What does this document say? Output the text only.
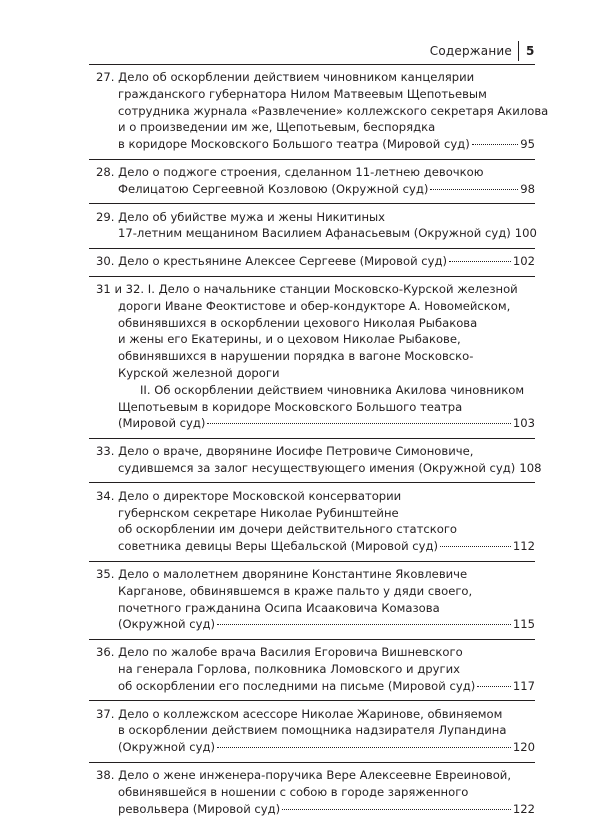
Содержание 5
27. Дело об оскорблении действием чиновником канцелярии
гражданского губернатора Нилом Матвеевым Щепотьевым
сотрудника журнала «Развлечение» коллежского секретаря Акилова
и о произведении им же, Щепотьевым, беспорядка
в коридоре Московского Большого театра (Мировой суд)	95
28. Дело о поджоге строения, сделанном 11-летнею девочкою
Фелицатою Сергеевной Козловою (Окружной суд)	98
29. Дело об убийстве мужа и жены Никитиных
17-летним мещанином Василием Афанасьевым (Окружной суд) 100
30. Дело о крестьянине Алексее Сергееве (Мировой суд)	102
31 и 32. I. Дело о начальнике станции Московско-Курской железной
дороги Иване Феоктистове и обер-кондукторе А. Новомейском,
обвинявшихся в оскорблении цехового Николая Рыбакова
и жены его Екатерины, и о цеховом Николае Рыбакове,
обвинявшихся в нарушении порядка в вагоне Московско-
Курской железной дороги
II. Об оскорблении действием чиновника Акилова чиновником
Щепотьевым в коридоре Московского Большого театра
(Мировой суд)	103
33. Дело о враче, дворянине Иосифе Петровиче Симоновиче,
судившемся за залог несуществующего имения (Окружной суд) 108
34. Дело о директоре Московской консерватории
губернском секретаре Николае Рубинштейне
об оскорблении им дочери действительного статского
советника девицы Веры Щебальской (Мировой суд)	112
35. Дело о малолетнем дворянине Константине Яковлевиче
Карганове, обвинявшемся в краже пальто у дяди своего,
почетного гражданина Осипа Исааковича Комазова
(Окружной суд)	115
36. Дело по жалобе врача Василия Егоровича Вишневского
на генерала Горлова, полковника Ломовского и других
об оскорблении его последними на письме (Мировой суд)	117
37. Дело о коллежском асессоре Николае Жаринове, обвиняемом
в оскорблении действием помощника надзирателя Лупандина
(Окружной суд)	120
38. Дело о жене инженера-поручика Вере Алексеевне Евреиновой,
обвинявшейся в ношении с собою в городе заряженного
револьвера (Мировой суд)	122
